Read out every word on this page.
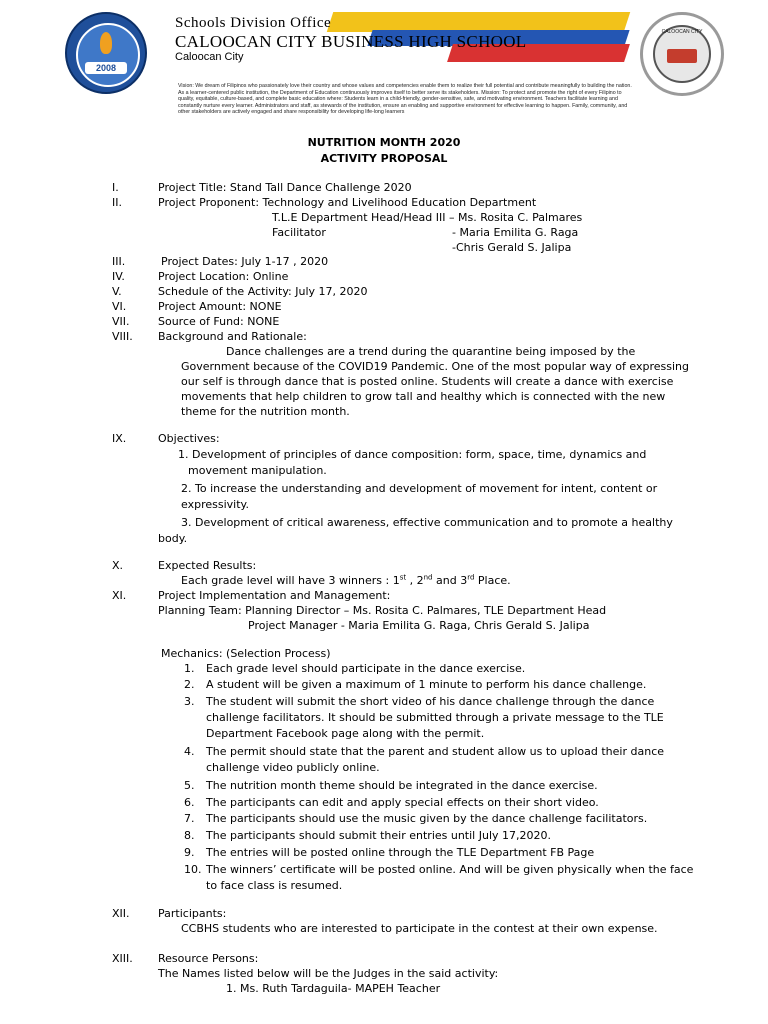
2008
Schools Division Office
CALOOCAN CITY BUSINESS HIGH SCHOOL
Caloocan City
CALOOCAN CITY
Vision: We dream of Filipinos who passionately love their country and whose values and competencies enable them to realize their full potential and contribute meaningfully to building the nation. As a learner-centered public institution, the Department of Education continuously improves itself to better serve its stakeholders. Mission: To protect and promote the right of every Filipino to quality, equitable, culture-based, and complete basic education where: Students learn in a child-friendly, gender-sensitive, safe, and motivating environment. Teachers facilitate learning and constantly nurture every learner. Administrators and staff, as stewards of the institution, ensure an enabling and supportive environment for effective learning to happen. Family, community, and other stakeholders are actively engaged and share responsibility for developing life-long learners
NUTRITION MONTH 2020
ACTIVITY PROPOSAL
I.	Project Title: Stand Tall Dance Challenge 2020
II.	Project Proponent: Technology and Livelihood Education Department
T.L.E Department Head/Head III – Ms. Rosita C. Palmares
Facilitator	- Maria Emilita G. Raga
-Chris Gerald S. Jalipa
III.	Project Dates: July 1-17 , 2020
IV.	Project Location: Online
V.	Schedule of the Activity: July 17, 2020
VI.	Project Amount: NONE
VII.	Source of Fund: NONE
VIII. Background and Rationale:
Dance challenges are a trend during the quarantine being imposed by the
Government because of the COVID19 Pandemic. One of the most popular way of expressing
our self is through dance that is posted online. Students will create a dance with exercise
movements that help children to grow tall and healthy which is connected with the new
theme for the nutrition month.
IX.	Objectives:
1. Development of principles of dance composition: form, space, time, dynamics and
movement manipulation.
2. To increase the understanding and development of movement for intent, content or
expressivity.
3. Development of critical awareness, effective communication and to promote a healthy
body.
X.	Expected Results:
Each grade level will have 3 winners : 1st , 2nd and 3rd Place.
XI.	Project Implementation and Management:
Planning Team: Planning Director – Ms. Rosita C. Palmares, TLE Department Head
Project Manager - Maria Emilita G. Raga, Chris Gerald S. Jalipa
Mechanics: (Selection Process)
1. Each grade level should participate in the dance exercise.
2. A student will be given a maximum of 1 minute to perform his dance challenge.
3. The student will submit the short video of his dance challenge through the dance
challenge facilitators. It should be submitted through a private message to the TLE
Department Facebook page along with the permit.
4. The permit should state that the parent and student allow us to upload their dance
challenge video publicly online.
5. The nutrition month theme should be integrated in the dance exercise.
6. The participants can edit and apply special effects on their short video.
7. The participants should use the music given by the dance challenge facilitators.
8. The participants should submit their entries until July 17,2020.
9. The entries will be posted online through the TLE Department FB Page
10. The winners’ certificate will be posted online. And will be given physically when the face
to face class is resumed.
XII.	Participants:
CCBHS students who are interested to participate in the contest at their own expense.
XIII. Resource Persons:
The Names listed below will be the Judges in the said activity:
1. Ms. Ruth Tardaguila- MAPEH Teacher
